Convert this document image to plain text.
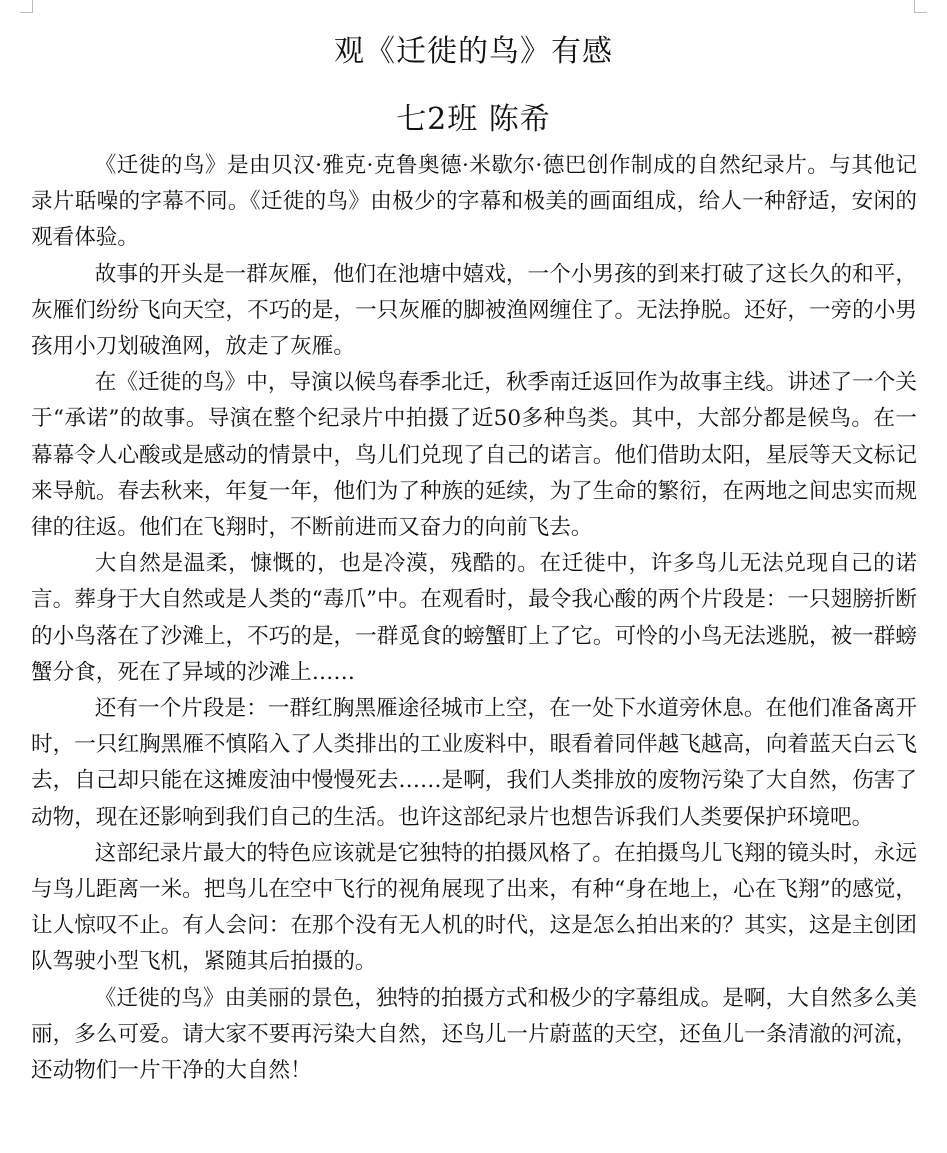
观《迁徙的鸟》有感
七2班 陈希

《迁徙的鸟》是由贝汉·雅克·克鲁奥德·米歇尔·德巴创作制成的自然纪录片。与其他记录片聒噪的字幕不同。《迁徙的鸟》由极少的字幕和极美的画面组成，给人一种舒适，安闲的观看体验。

故事的开头是一群灰雁，他们在池塘中嬉戏，一个小男孩的到来打破了这长久的和平，灰雁们纷纷飞向天空，不巧的是，一只灰雁的脚被渔网缠住了。无法挣脱。还好，一旁的小男孩用小刀划破渔网，放走了灰雁。

在《迁徙的鸟》中，导演以候鸟春季北迁，秋季南迁返回作为故事主线。讲述了一个关于“承诺”的故事。导演在整个纪录片中拍摄了近50多种鸟类。其中，大部分都是候鸟。在一幕幕令人心酸或是感动的情景中，鸟儿们兑现了自己的诺言。他们借助太阳，星辰等天文标记来导航。春去秋来，年复一年，他们为了种族的延续，为了生命的繁衍，在两地之间忠实而规律的往返。他们在飞翔时，不断前进而又奋力的向前飞去。

大自然是温柔，慷慨的，也是冷漠，残酷的。在迁徙中，许多鸟儿无法兑现自己的诺言。葬身于大自然或是人类的“毒爪”中。在观看时，最令我心酸的两个片段是：一只翅膀折断的小鸟落在了沙滩上，不巧的是，一群觅食的螃蟹盯上了它。可怜的小鸟无法逃脱，被一群螃蟹分食，死在了异域的沙滩上……

还有一个片段是：一群红胸黑雁途径城市上空，在一处下水道旁休息。在他们准备离开时，一只红胸黑雁不慎陷入了人类排出的工业废料中，眼看着同伴越飞越高，向着蓝天白云飞去，自己却只能在这摊废油中慢慢死去……是啊，我们人类排放的废物污染了大自然，伤害了动物，现在还影响到我们自己的生活。也许这部纪录片也想告诉我们人类要保护环境吧。

这部纪录片最大的特色应该就是它独特的拍摄风格了。在拍摄鸟儿飞翔的镜头时，永远与鸟儿距离一米。把鸟儿在空中飞行的视角展现了出来，有种“身在地上，心在飞翔”的感觉，让人惊叹不止。有人会问：在那个没有无人机的时代，这是怎么拍出来的？其实，这是主创团队驾驶小型飞机，紧随其后拍摄的。

《迁徙的鸟》由美丽的景色，独特的拍摄方式和极少的字幕组成。是啊，大自然多么美丽，多么可爱。请大家不要再污染大自然，还鸟儿一片蔚蓝的天空，还鱼儿一条清澈的河流，还动物们一片干净的大自然！
